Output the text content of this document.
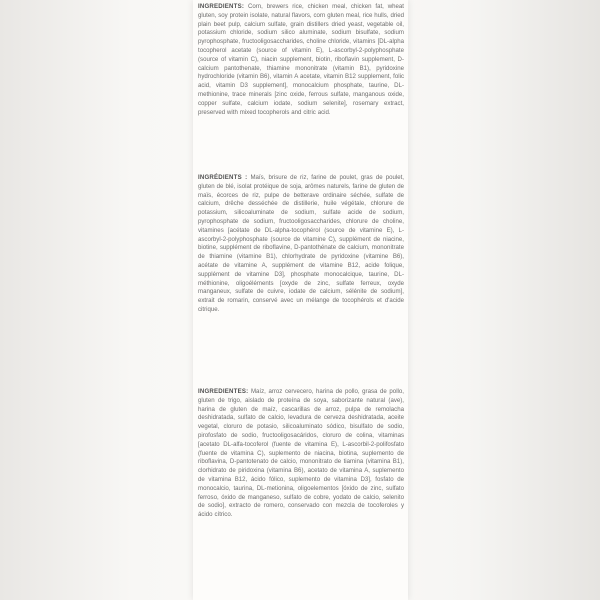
INGREDIENTS: Corn, brewers rice, chicken meal, chicken fat, wheat gluten, soy protein isolate, natural flavors, corn gluten meal, rice hulls, dried plain beet pulp, calcium sulfate, grain distillers dried yeast, vegetable oil, potassium chloride, sodium silico aluminate, sodium bisulfate, sodium pyrophosphate, fructooligosaccharides, choline chloride, vitamins [DL-alpha tocopherol acetate (source of vitamin E), L-ascorbyl-2-polyphosphate (source of vitamin C), niacin supplement, biotin, riboflavin supplement, D-calcium pantothenate, thiamine mononitrate (vitamin B1), pyridoxine hydrochloride (vitamin B6), vitamin A acetate, vitamin B12 supplement, folic acid, vitamin D3 supplement], monocalcium phosphate, taurine, DL-methionine, trace minerals [zinc oxide, ferrous sulfate, manganous oxide, copper sulfate, calcium iodate, sodium selenite], rosemary extract, preserved with mixed tocopherols and citric acid.
INGRÉDIENTS : Maïs, brisure de riz, farine de poulet, gras de poulet, gluten de blé, isolat protéique de soja, arômes naturels, farine de gluten de maïs, écorces de riz, pulpe de betterave ordinaire séchée, sulfate de calcium, drêche desséchée de distillerie, huile végétale, chlorure de potassium, silicoaluminate de sodium, sulfate acide de sodium, pyrophosphate de sodium, fructooligosaccharides, chlorure de choline, vitamines [acétate de DL-alpha-tocophérol (source de vitamine E), L-ascorbyl-2-polyphosphate (source de vitamine C), supplément de niacine, biotine, supplément de riboflavine, D-pantothénate de calcium, mononitrate de thiamine (vitamine B1), chlorhydrate de pyridoxine (vitamine B6), acétate de vitamine A, supplément de vitamine B12, acide folique, supplément de vitamine D3], phosphate monocalcique, taurine, DL-méthionine, oligoéléments [oxyde de zinc, sulfate ferreux, oxyde manganeux, sulfate de cuivre, iodate de calcium, sélénite de sodium], extrait de romarin, conservé avec un mélange de tocophérols et d'acide citrique.
INGREDIENTES: Maíz, arroz cervecero, harina de pollo, grasa de pollo, gluten de trigo, aislado de proteína de soya, saborizante natural (ave), harina de gluten de maíz, cascarillas de arroz, pulpa de remolacha deshidratada, sulfato de calcio, levadura de cerveza deshidratada, aceite vegetal, cloruro de potasio, silicoaluminato sódico, bisulfato de sodio, pirofosfato de sodio, fructooligosacáridos, cloruro de colina, vitaminas [acetato DL-alfa-tocoferol (fuente de vitamina E), L-ascorbil-2-polifosfato (fuente de vitamina C), suplemento de niacina, biotina, suplemento de riboflavina, D-pantotenato de calcio, mononitrato de tiamina (vitamina B1), clorhidrato de piridoxina (vitamina B6), acetato de vitamina A, suplemento de vitamina B12, ácido fólico, suplemento de vitamina D3], fosfato de monocalcio, taurina, DL-metionina, oligoelementos [óxido de zinc, sulfato ferroso, óxido de manganeso, sulfato de cobre, yodato de calcio, selenito de sodio], extracto de romero, conservado con mezcla de tocoferoles y ácido cítrico.
